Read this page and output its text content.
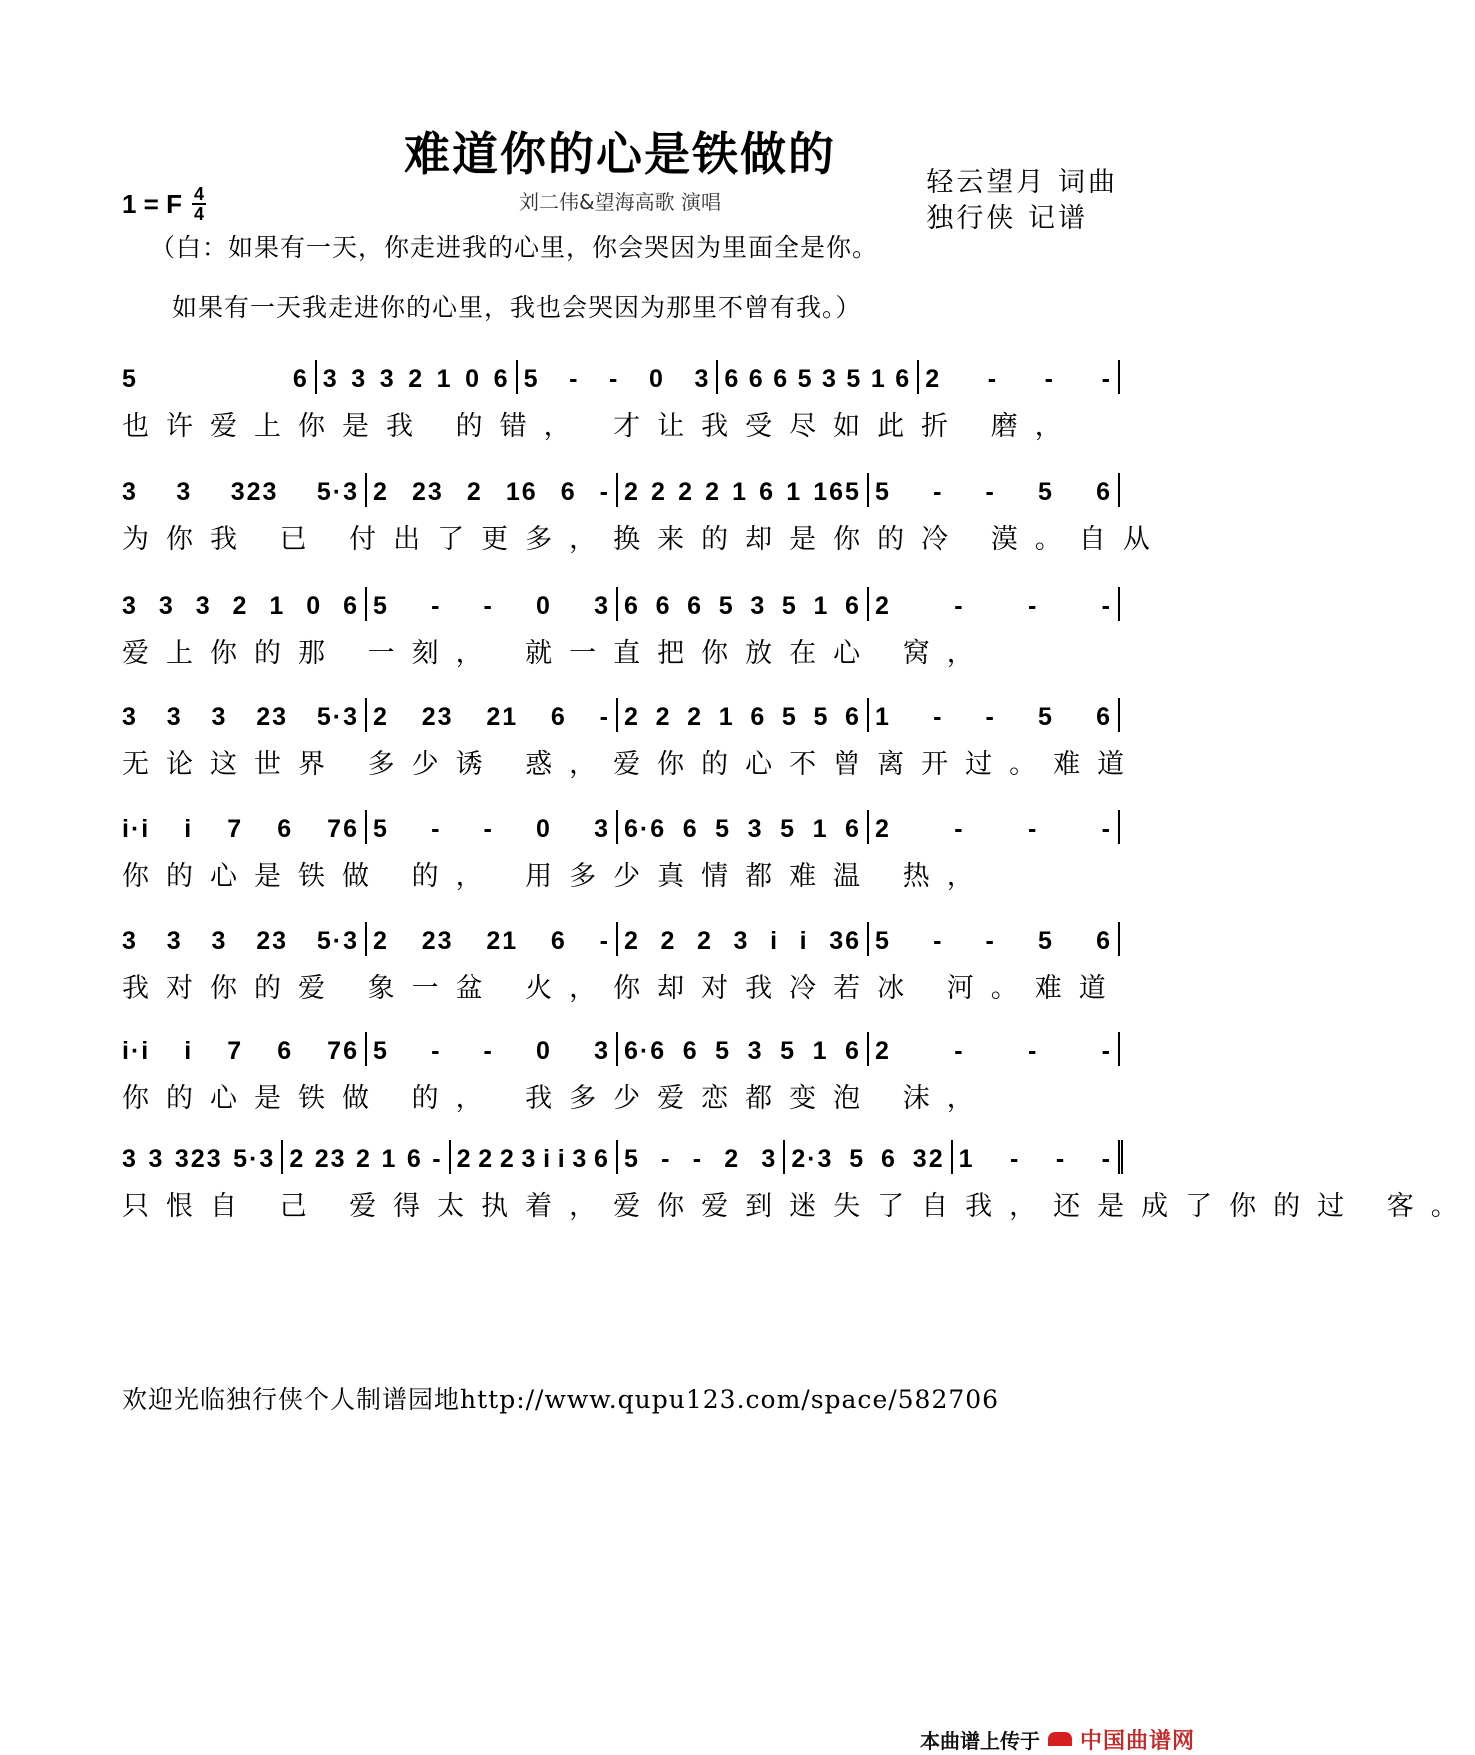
难道你的心是铁做的
刘二伟&望海高歌 演唱
轻云望月 词曲
独行侠 记谱
1 = F 4
4
（白：如果有一天，你走进我的心里，你会哭因为里面全是你。
如果有一天我走进你的心里，我也会哭因为那里不曾有我。）
5	6 3 3 3 2 1 0 6 5 - - 0 3 6 6 6 5 3 5 1 6 2 - - -
也许爱上你是我 的错， 才让我受尽如此折 磨，
3 3 323 5·3 2 23 2 16 6 - 2 2 2 2 1 6 1 165 5 - - 5 6
为你我 已 付出了更多，换来的却是你的冷 漠。自从
3 3 3 2 1 0 6 5 - - 0 3 6 6 6 5 3 5 1 6 2	-	-	-
爱上你的那 一刻， 就一直把你放在心 窝，
3 3 3 23 5·3 2 23 21 6 - 2 2 2 1 6 5 5 6 1 - - 5 6
无论这世界 多少诱 惑，爱你的心不曾离开过。难道
i·i i 7 6 76 5 - - 0 3 6·6 6 5 3 5 1 6 2	-	-	-
你的心是铁做 的， 用多少真情都难温 热，
3 3 3 23 5·3 2 23 21 6 - 2 2 2 3 i i 36 5 - - 5 6
我对你的爱 象一盆 火，你却对我冷若冰 河。难道
i·i i 7 6 76 5 - - 0 3 6·6 6 5 3 5 1 6 2	-	-	-
你的心是铁做 的， 我多少爱恋都变泡 沫，
3 3 323 5·3 2 23 2 1 6 - 2 2 2 3 i i 3 6 5 - - 2 3 2·3 5 6 32 1 - - -
只恨自 己 爱得太执着，爱你爱到迷失了自我，还是成了你的过 客。
欢迎光临独行侠个人制谱园地http://www.qupu123.com/space/582706
本曲谱上传于 中国曲谱网
